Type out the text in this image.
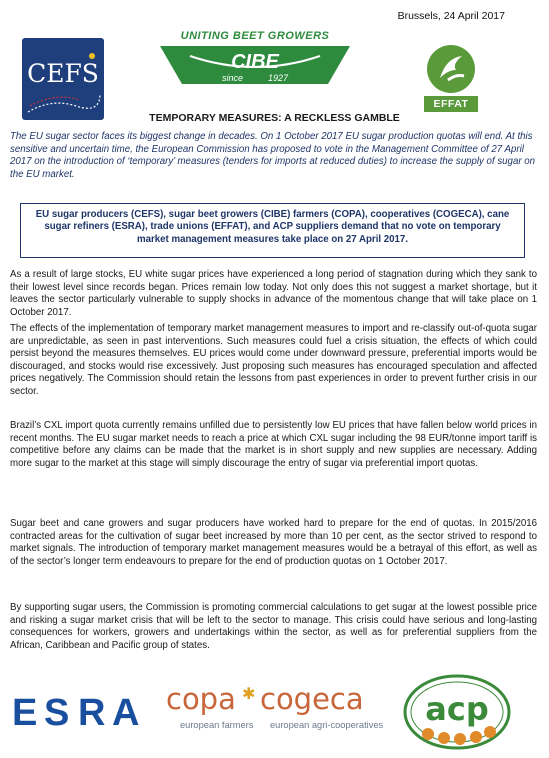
Brussels, 24 April 2017
CEFS
UNITING BEET GROWERS
CIBE
since	1927
EFFAT
TEMPORARY MEASURES: A RECKLESS GAMBLE

The EU sugar sector faces its biggest change in decades. On 1 October 2017 EU sugar production quotas will end. At this sensitive and uncertain time, the European Commission has proposed to vote in the Management Committee of 27 April 2017 on the introduction of ‘temporary’ measures (tenders for imports at reduced duties) to increase the supply of sugar on the EU market.

EU sugar producers (CEFS), sugar beet growers (CIBE) farmers (COPA), cooperatives (COGECA), cane sugar refiners (ESRA), trade unions (EFFAT), and ACP suppliers demand that no vote on temporary market management measures take place on 27 April 2017.

As a result of large stocks, EU white sugar prices have experienced a long period of stagnation during which they sank to their lowest level since records began. Prices remain low today. Not only does this not suggest a market shortage, but it leaves the sector particularly vulnerable to supply shocks in advance of the momentous change that will take place on 1 October 2017.

The effects of the implementation of temporary market management measures to import and re-classify out-of-quota sugar are unpredictable, as seen in past interventions. Such measures could fuel a crisis situation, the effects of which could persist beyond the measures themselves. EU prices would come under downward pressure, preferential imports would be discouraged, and stocks would rise excessively. Just proposing such measures has encouraged speculation and affected prices negatively. The Commission should retain the lessons from past experiences in order to prevent further crisis in our sector.

Brazil’s CXL import quota currently remains unfilled due to persistently low EU prices that have fallen below world prices in recent months. The EU sugar market needs to reach a price at which CXL sugar including the 98 EUR/tonne import tariff is competitive before any claims can be made that the market is in short supply and new supplies are necessary. Adding more sugar to the market at this stage will simply discourage the entry of sugar via preferential import quotas.

Sugar beet and cane growers and sugar producers have worked hard to prepare for the end of quotas. In 2015/2016 contracted areas for the cultivation of sugar beet increased by more than 10 per cent, as the sector strived to respond to market signals. The introduction of temporary market management measures would be a betrayal of this effort, as well as of the sector’s longer term endeavours to prepare for the end of production quotas on 1 October 2017.

By supporting sugar users, the Commission is promoting commercial calculations to get sugar at the lowest possible price and risking a sugar market crisis that will be left to the sector to manage. This crisis could have serious and long-lasting consequences for workers, growers and undertakings within the sector, as well as for preferential suppliers from the African, Caribbean and Pacific group of states.

E S R A copa ✱ cogeca
european farmers european agri-cooperatives acp
